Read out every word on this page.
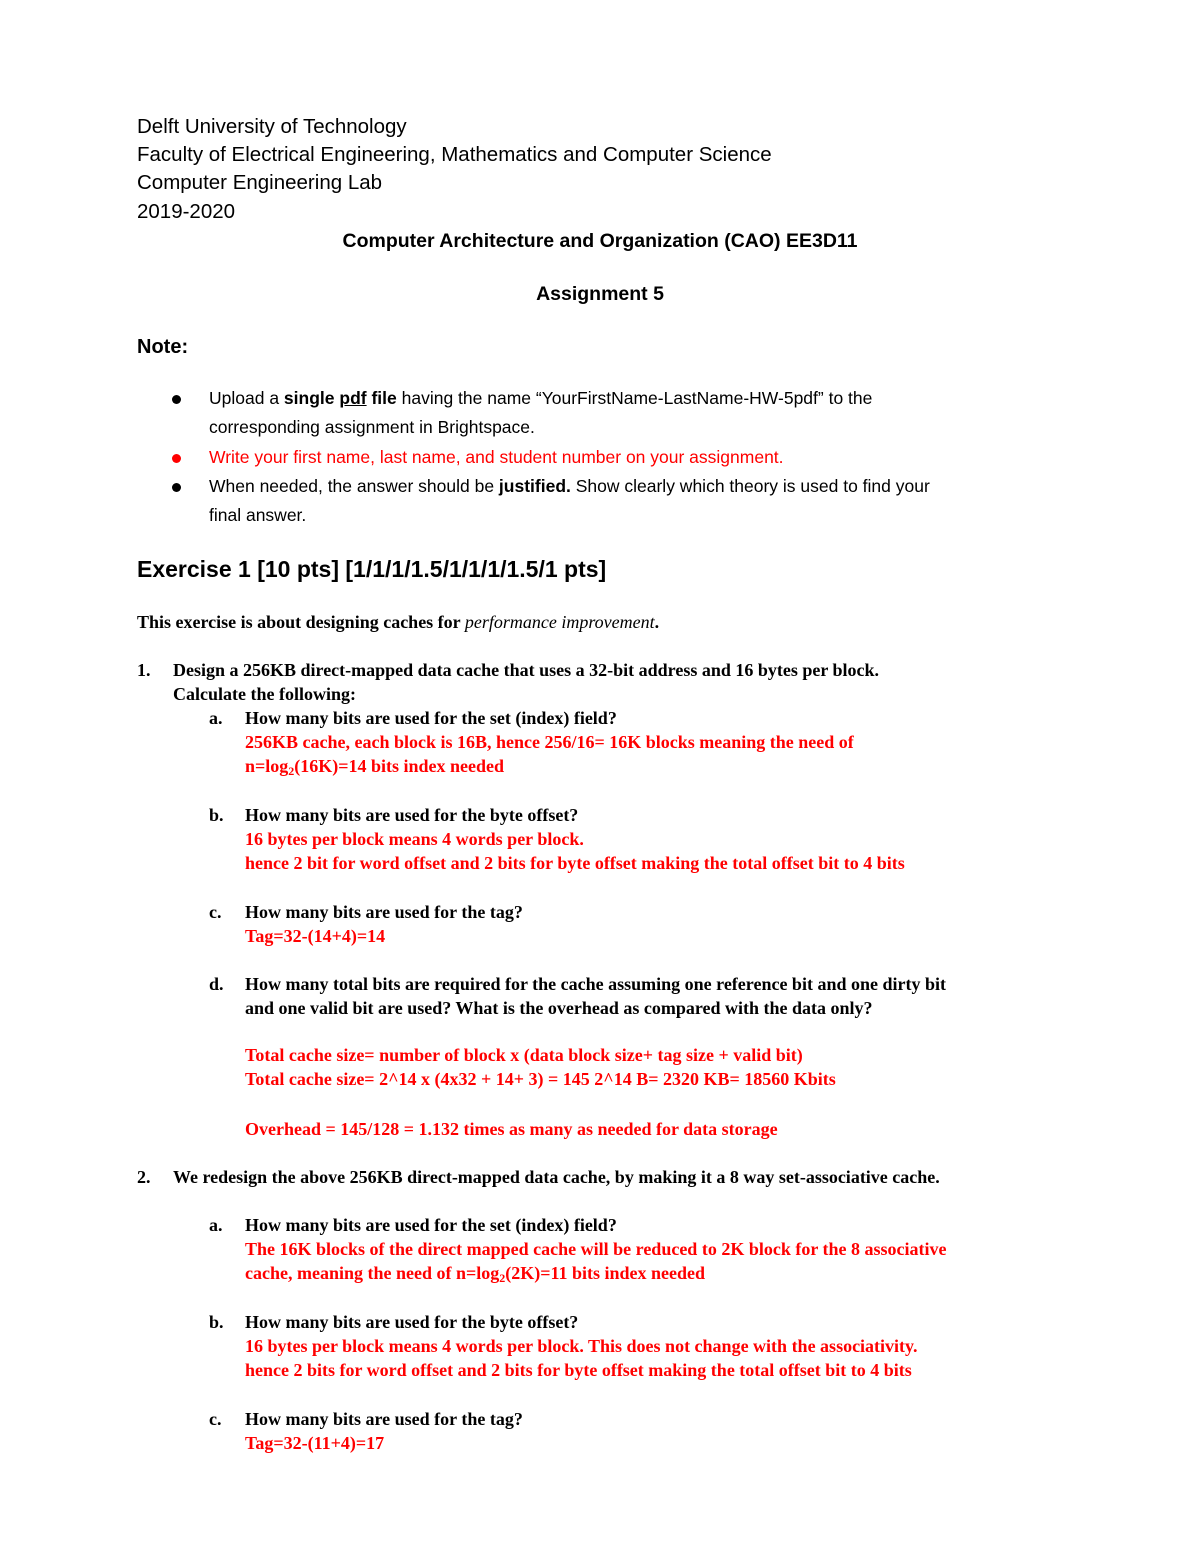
Delft University of Technology
Faculty of Electrical Engineering, Mathematics and Computer Science
Computer Engineering Lab
2019-2020
Computer Architecture and Organization (CAO) EE3D11
Assignment 5
Note:
Upload a single pdf file having the name “YourFirstName-LastName-HW-5pdf” to the
corresponding assignment in Brightspace.
Write your first name, last name, and student number on your assignment.
When needed, the answer should be justified. Show clearly which theory is used to find your
final answer.
Exercise 1 [10 pts] [1/1/1/1.5/1/1/1/1.5/1 pts]
This exercise is about designing caches for performance improvement.
1. Design a 256KB direct-mapped data cache that uses a 32-bit address and 16 bytes per block.
Calculate the following:
a. How many bits are used for the set (index) field?
256KB cache, each block is 16B, hence 256/16= 16K blocks meaning the need of
$n=\log_2(16K)=14$ bits index needed
b. How many bits are used for the byte offset?
16 bytes per block means 4 words per block.
hence 2 bit for word offset and 2 bits for byte offset making the total offset bit to 4 bits
c. How many bits are used for the tag?
Tag=32-(14+4)=14
d. How many total bits are required for the cache assuming one reference bit and one dirty bit
and one valid bit are used? What is the overhead as compared with the data only?
Total cache size= number of block x (data block size+ tag size + valid bit)
Total cache size= 2^14 x (4x32 + 14+ 3) = 145 2^14 B= 2320 KB= 18560 Kbits
Overhead = 145/128 = 1.132 times as many as needed for data storage
2. We redesign the above 256KB direct-mapped data cache, by making it a 8 way set-associative cache.
a. How many bits are used for the set (index) field?
The 16K blocks of the direct mapped cache will be reduced to 2K block for the 8 associative
cache, meaning the need of $n=\log_2(2K)=11$ bits index needed
b. How many bits are used for the byte offset?
16 bytes per block means 4 words per block. This does not change with the associativity.
hence 2 bits for word offset and 2 bits for byte offset making the total offset bit to 4 bits
c. How many bits are used for the tag?
Tag=32-(11+4)=17
